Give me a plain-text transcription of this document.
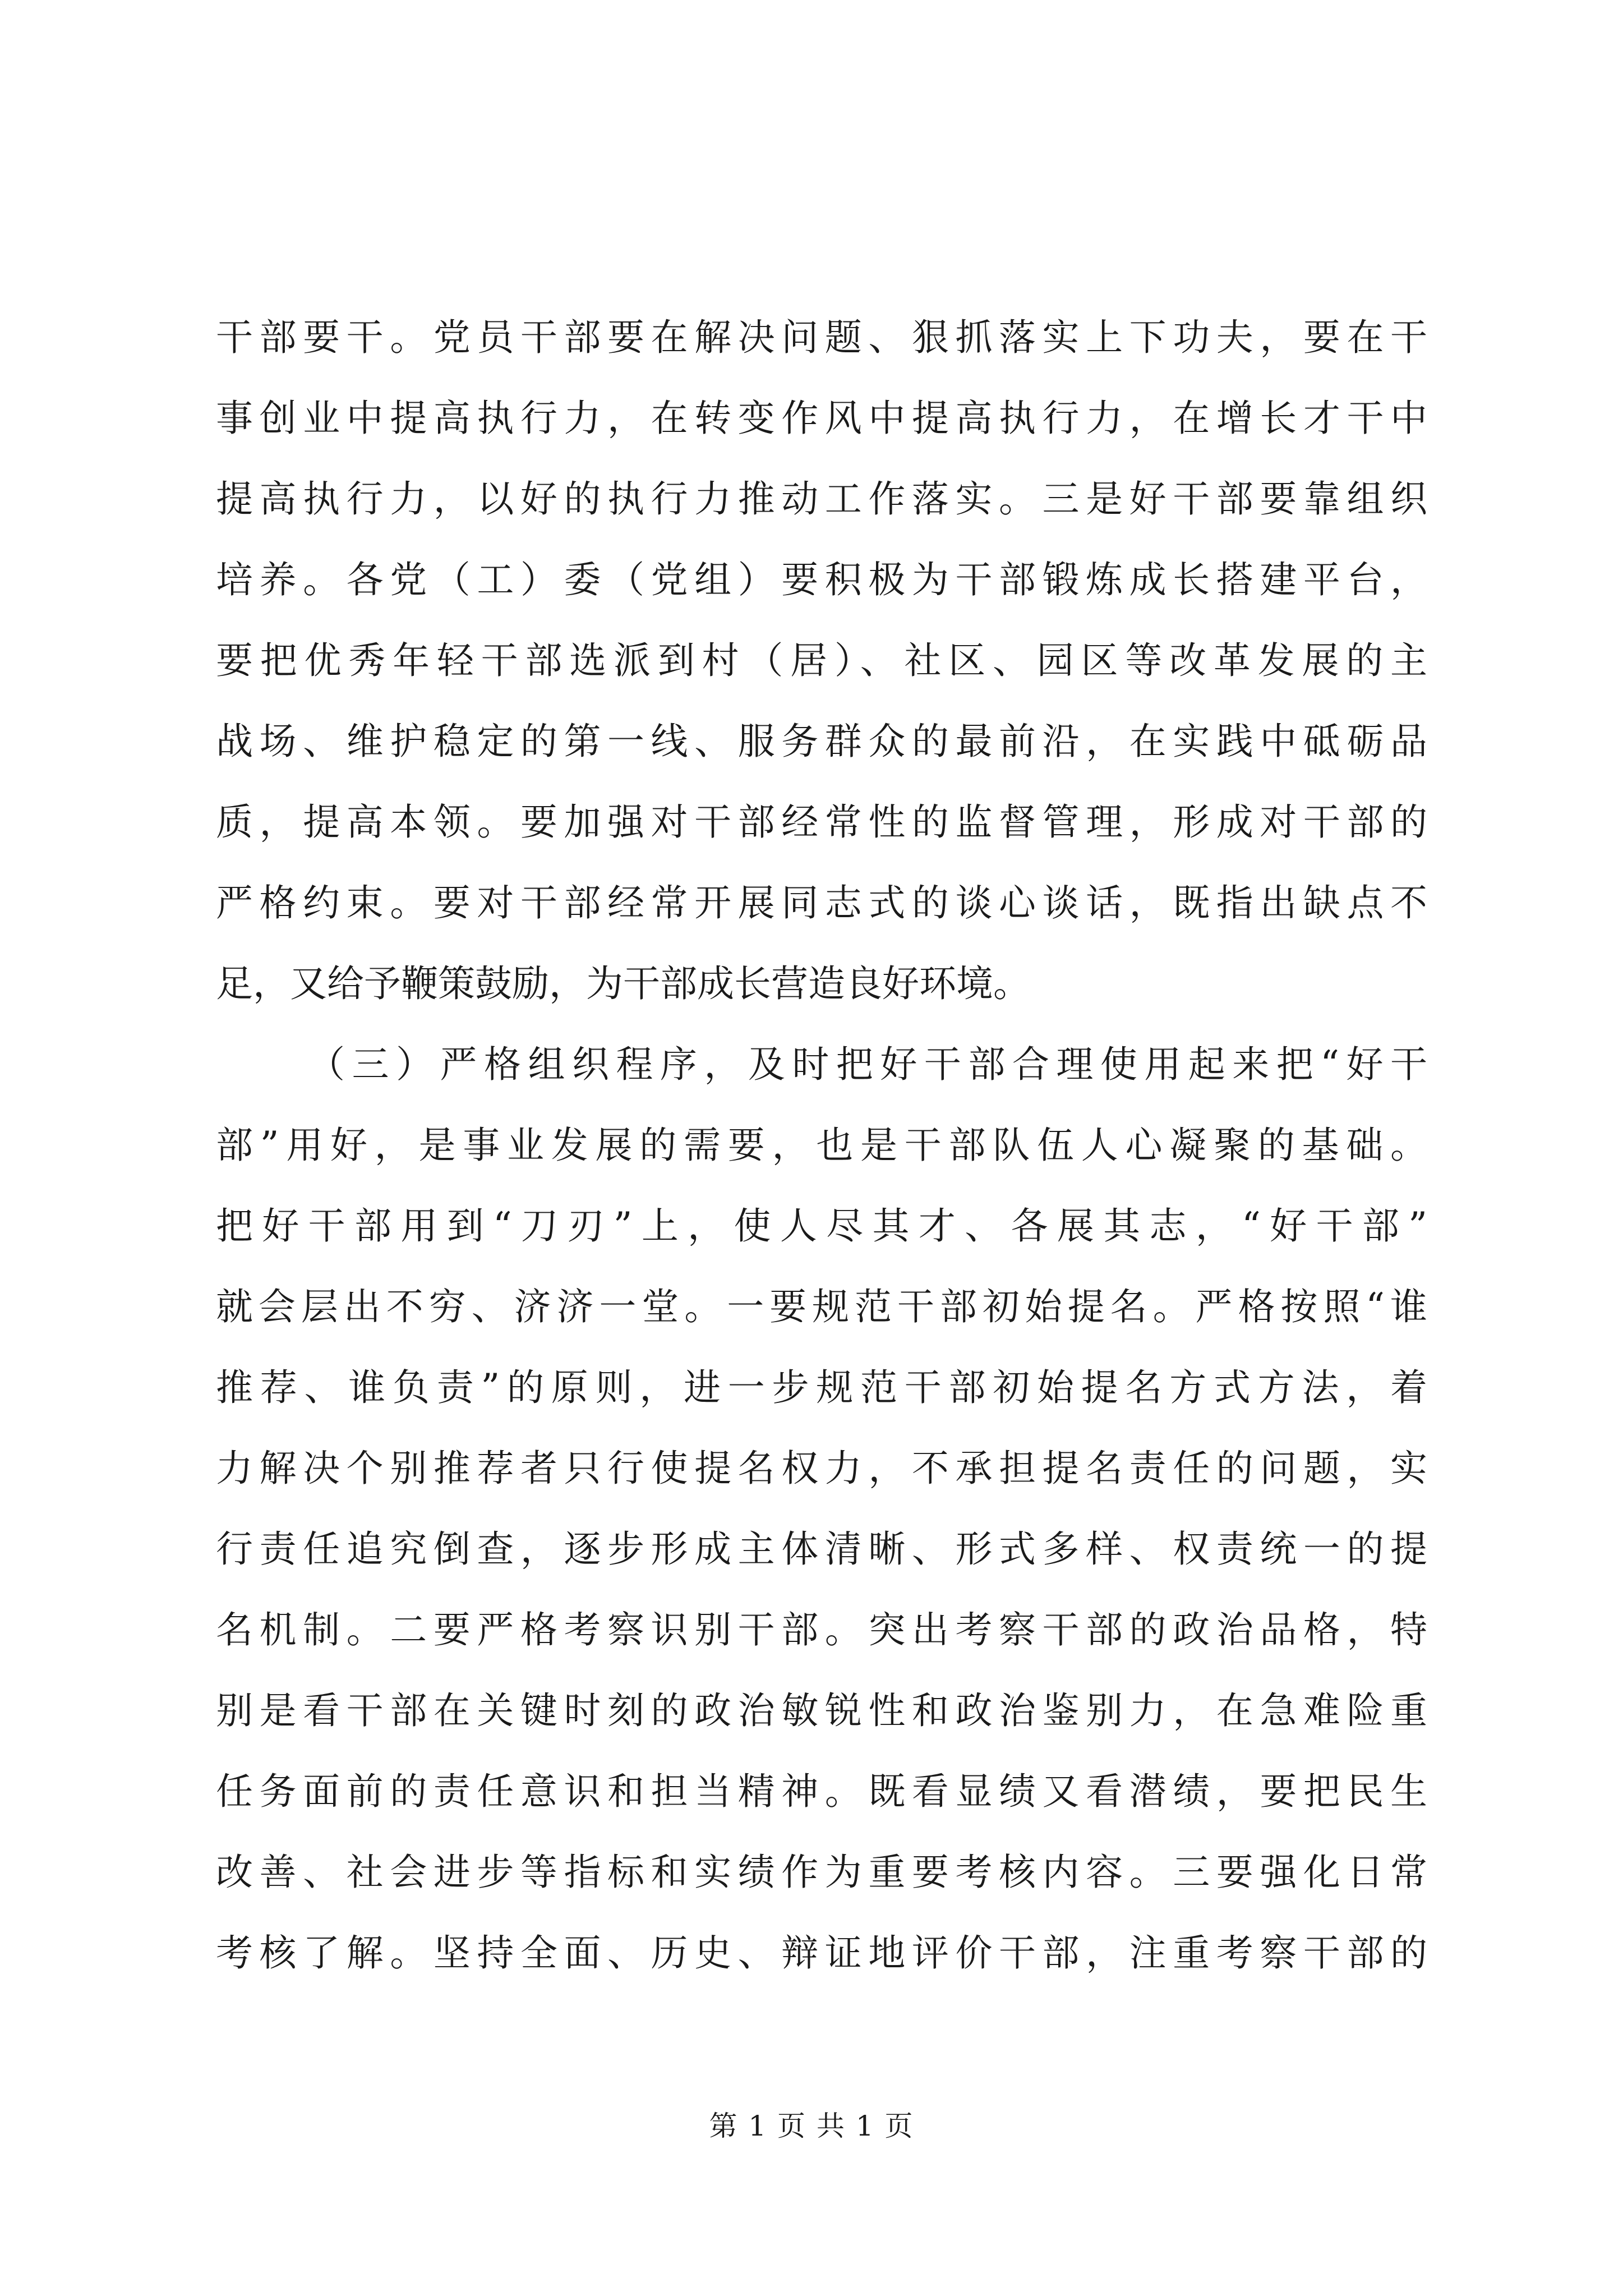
干部要干。党员干部要在解决问题、狠抓落实上下功夫，要在干
事创业中提高执行力，在转变作风中提高执行力，在增长才干中
提高执行力，以好的执行力推动工作落实。三是好干部要靠组织
培养。各党（工）委（党组）要积极为干部锻炼成长搭建平台，
要把优秀年轻干部选派到村（居）、社区、园区等改革发展的主
战场、维护稳定的第一线、服务群众的最前沿，在实践中砥砺品
质，提高本领。要加强对干部经常性的监督管理，形成对干部的
严格约束。要对干部经常开展同志式的谈心谈话，既指出缺点不
足，又给予鞭策鼓励，为干部成长营造良好环境。
（三）严格组织程序，及时把好干部合理使用起来把“好干
部”用好，是事业发展的需要，也是干部队伍人心凝聚的基础。
把好干部用到“刀刃”上，使人尽其才、各展其志，“好干部”
就会层出不穷、济济一堂。一要规范干部初始提名。严格按照“谁
推荐、谁负责”的原则，进一步规范干部初始提名方式方法，着
力解决个别推荐者只行使提名权力，不承担提名责任的问题，实
行责任追究倒查，逐步形成主体清晰、形式多样、权责统一的提
名机制。二要严格考察识别干部。突出考察干部的政治品格，特
别是看干部在关键时刻的政治敏锐性和政治鉴别力，在急难险重
任务面前的责任意识和担当精神。既看显绩又看潜绩，要把民生
改善、社会进步等指标和实绩作为重要考核内容。三要强化日常
考核了解。坚持全面、历史、辩证地评价干部，注重考察干部的
第 1 页 共 1 页
